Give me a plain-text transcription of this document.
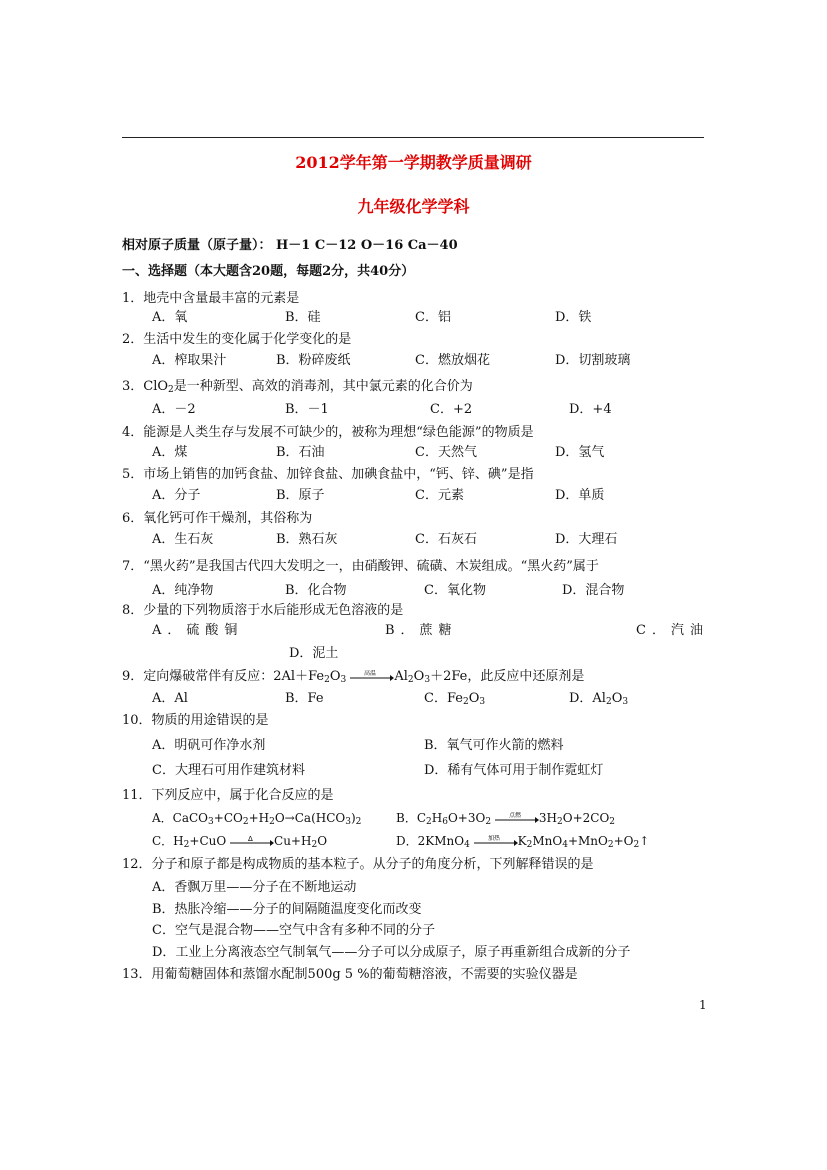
2012学年第一学期教学质量调研
九年级化学学科
相对原子质量（原子量）： H－1 C－12 O－16 Ca－40
一、选择题（本大题含20题，每题2分，共40分）
1．地壳中含量最丰富的元素是
A．氧	B．硅	C．铝	D．铁
2．生活中发生的变化属于化学变化的是
A．榨取果汁	B．粉碎废纸	C．燃放烟花	D．切割玻璃
3．ClO$_2$是一种新型、高效的消毒剂，其中氯元素的化合价为
A．－2	B．－1	C．+2	D．+4
4．能源是人类生存与发展不可缺少的，被称为理想“绿色能源”的物质是
A．煤	B．石油	C．天然气	D．氢气
5．市场上销售的加钙食盐、加锌食盐、加碘食盐中，“钙、锌、碘”是指
A．分子	B．原子	C．元素	D．单质
6．氧化钙可作干燥剂，其俗称为
A．生石灰	B．熟石灰	C．石灰石	D．大理石
7．“黑火药”是我国古代四大发明之一，由硝酸钾、硫磺、木炭组成。“黑火药”属于
A．纯净物	B．化合物	C．氧化物	D．混合物
8．少量的下列物质溶于水后能形成无色溶液的是
A．硫酸铜	B．蔗糖	C．汽油
D．泥土
9．定向爆破常伴有反应：$2Al+Fe_2O_3$
高温 $Al_2O_3+2Fe$，此反应中还原剂是
A．Al	B．Fe	C．$Fe_2O_3$	D．$Al_2O_3$
10．物质的用途错误的是
A．明矾可作净水剂	B．氧气可作火箭的燃料
C．大理石可用作建筑材料	D．稀有气体可用于制作霓虹灯
11．下列反应中，属于化合反应的是
A．$CaCO_3+CO_2+H_2O\to Ca(HCO_3)_2$	B．$C_2H_6O+3O_2$
点燃 $3H_2O+2CO_2$
C．$H_2+CuO$	Δ $Cu+H_2O$	D．2KMnO$_4$
加热 $K_2MnO_4+MnO_2+O_2↑$
12．分子和原子都是构成物质的基本粒子。从分子的角度分析，下列解释错误的是
A．香飘万里——分子在不断地运动
B．热胀冷缩——分子的间隔随温度变化而改变
C．空气是混合物——空气中含有多种不同的分子
D．工业上分离液态空气制氧气——分子可以分成原子，原子再重新组合成新的分子
13．用葡萄糖固体和蒸馏水配制500g 5 %的葡萄糖溶液，不需要的实验仪器是
1
